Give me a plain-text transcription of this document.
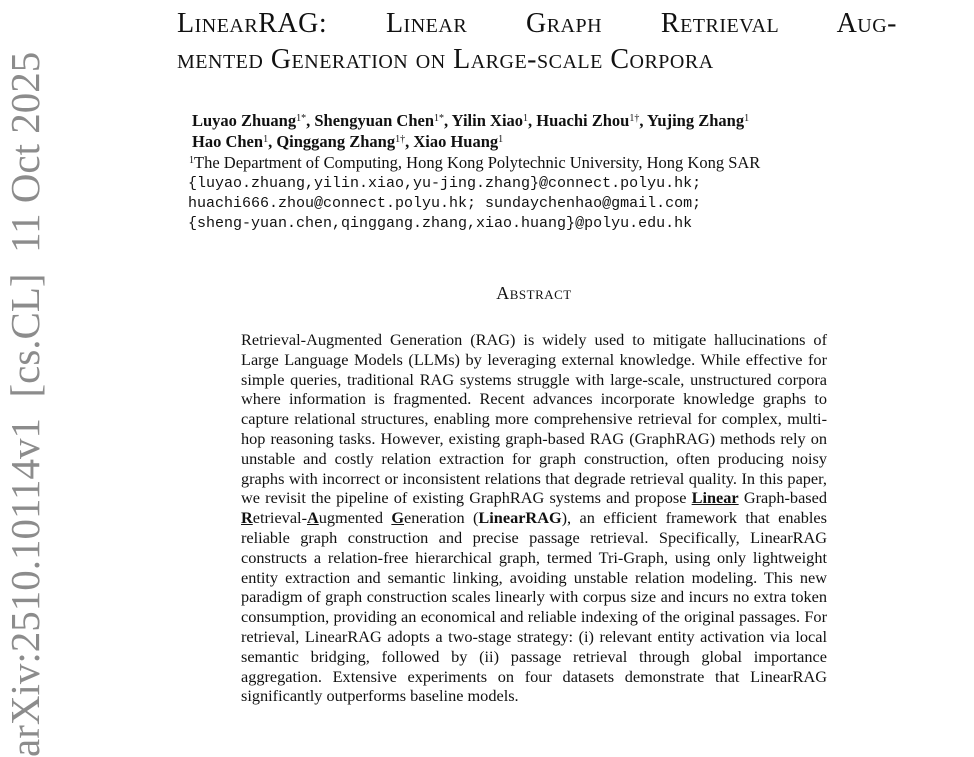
arXiv:2510.10114v1  [cs.CL]  11 Oct 2025
LinearRAG: Linear Graph Retrieval Aug-
mented Generation on Large-scale Corpora
Luyao Zhuang$^{1*}$, Shengyuan Chen$^{1*}$, Yilin Xiao$^1$, Huachi Zhou$^{1\dagger}$, Yujing Zhang$^1$
Hao Chen$^1$, Qinggang Zhang$^{1\dagger}$, Xiao Huang$^1$
$^1$The Department of Computing, Hong Kong Polytechnic University, Hong Kong SAR
{luyao.zhuang,yilin.xiao,yu-jing.zhang}@connect.polyu.hk;
huachi666.zhou@connect.polyu.hk; sundaychenhao@gmail.com;
{sheng-yuan.chen,qinggang.zhang,xiao.huang}@polyu.edu.hk
Abstract
Retrieval-Augmented Generation (RAG) is widely used to mitigate hallucinations of Large Language Models (LLMs) by leveraging external knowledge. While effective for simple queries, traditional RAG systems struggle with large-scale, unstructured corpora where information is fragmented. Recent advances incorporate knowledge graphs to capture relational structures, enabling more comprehensive retrieval for complex, multi-hop reasoning tasks. However, existing graph-based RAG (GraphRAG) methods rely on unstable and costly relation extraction for graph construction, often producing noisy graphs with incorrect or inconsistent relations that degrade retrieval quality. In this paper, we revisit the pipeline of existing GraphRAG systems and propose Linear Graph-based Retrieval-Augmented Generation (LinearRAG), an efficient framework that enables reliable graph construction and precise passage retrieval. Specifically, LinearRAG constructs a relation-free hierarchical graph, termed Tri-Graph, using only lightweight entity extraction and semantic linking, avoiding unstable relation modeling. This new paradigm of graph construction scales linearly with corpus size and incurs no extra token consumption, providing an economical and reliable indexing of the original passages. For retrieval, LinearRAG adopts a two-stage strategy: (i) relevant entity activation via local semantic bridging, followed by (ii) passage retrieval through global importance aggregation. Extensive experiments on four datasets demonstrate that LinearRAG significantly outperforms baseline models.
